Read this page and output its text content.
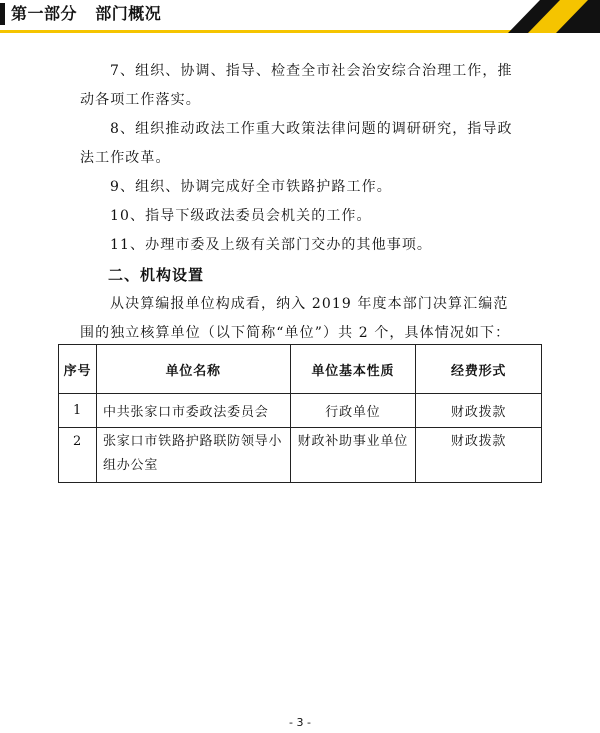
第一部分   部门概况

7、组织、协调、指导、检查全市社会治安综合治理工作，推动各项工作落实。

8、组织推动政法工作重大政策法律问题的调研研究，指导政法工作改革。

9、组织、协调完成好全市铁路护路工作。

10、指导下级政法委员会机关的工作。

11、办理市委及上级有关部门交办的其他事项。

二、机构设置

从决算编报单位构成看，纳入 2019 年度本部门决算汇编范围的独立核算单位（以下简称“单位”）共 2 个，具体情况如下：

序号	单位名称	单位基本性质	经费形式
1	中共张家口市委政法委员会	行政单位	财政拨款
2	张家口市铁路护路联防领导小组办公室	财政补助事业单位	财政拨款
- 3 -
